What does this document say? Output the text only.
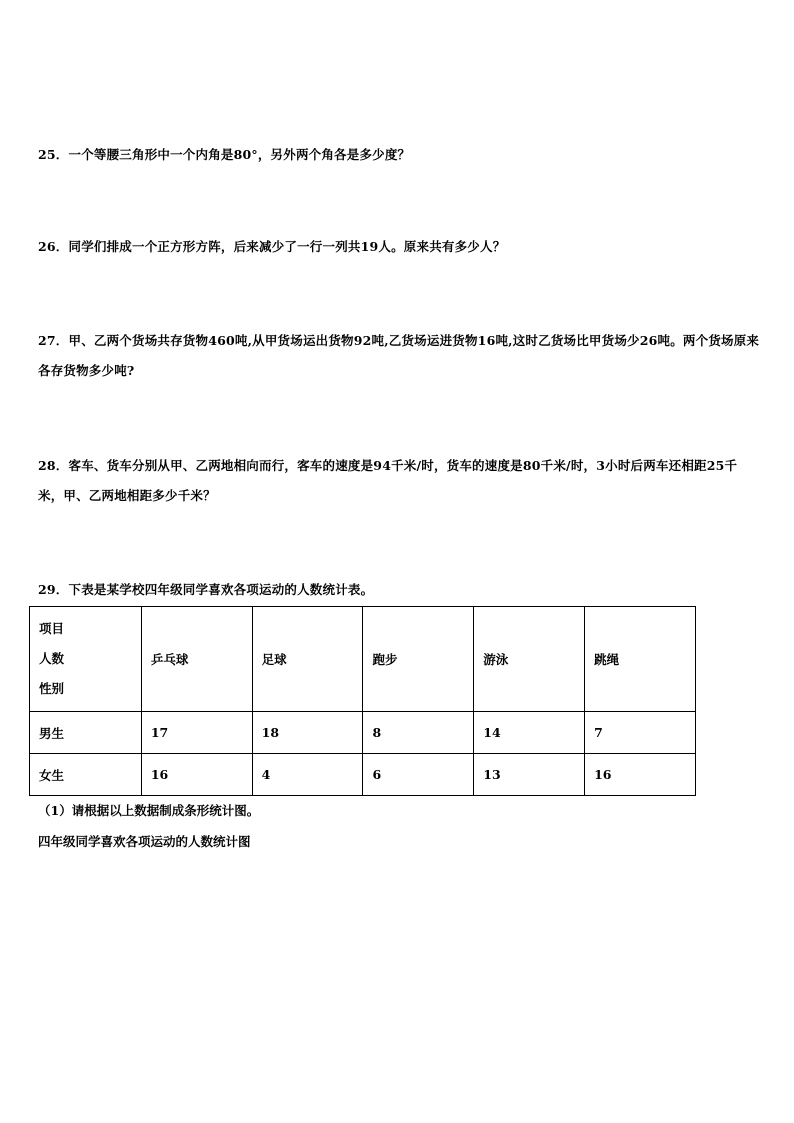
25．一个等腰三角形中一个内角是80°，另外两个角各是多少度？
26．同学们排成一个正方形方阵，后来减少了一行一列共19人。原来共有多少人？
27．甲、乙两个货场共存货物460吨,从甲货场运出货物92吨,乙货场运进货物16吨,这时乙货场比甲货场少26吨。两个货场原来各存货物多少吨?
28．客车、货车分别从甲、乙两地相向而行，客车的速度是94千米/时，货车的速度是80千米/时，3小时后两车还相距25千米，甲、乙两地相距多少千米？
29．下表是某学校四年级同学喜欢各项运动的人数统计表。
项目
人数
性别	乒乓球	足球	跑步	游泳	跳绳
男生	17	18	8	14	7
女生	16	4	6	13	16
（1）请根据以上数据制成条形统计图。
四年级同学喜欢各项运动的人数统计图
